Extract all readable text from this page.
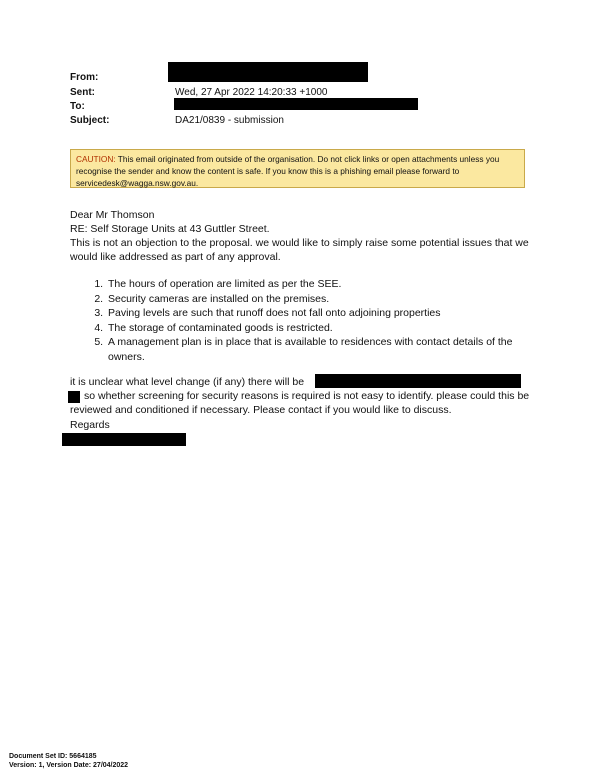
From:
Sent:	Wed, 27 Apr 2022 14:20:33 +1000
To:
Subject:	DA21/0839 - submission
CAUTION: This email originated from outside of the organisation. Do not click links or open attachments unless you recognise the sender and know the content is safe. If you know this is a phishing email please forward to servicedesk@wagga.nsw.gov.au.
Dear Mr Thomson
RE: Self Storage Units at 43 Guttler Street.
This is not an objection to the proposal. we would like to simply raise some potential issues that we would like addressed as part of any approval.
1. The hours of operation are limited as per the SEE.
2. Security cameras are installed on the premises.
3. Paving levels are such that runoff does not fall onto adjoining properties
4. The storage of contaminated goods is restricted.
5. A management plan is in place that is available to residences with contact details of the owners.
it is unclear what level change (if any) there will be
so whether screening for security reasons is required is not easy to identify. please could this be reviewed and conditioned if necessary. Please contact if you would like to discuss.
Regards
Document Set ID: 5664185
Version: 1, Version Date: 27/04/2022
